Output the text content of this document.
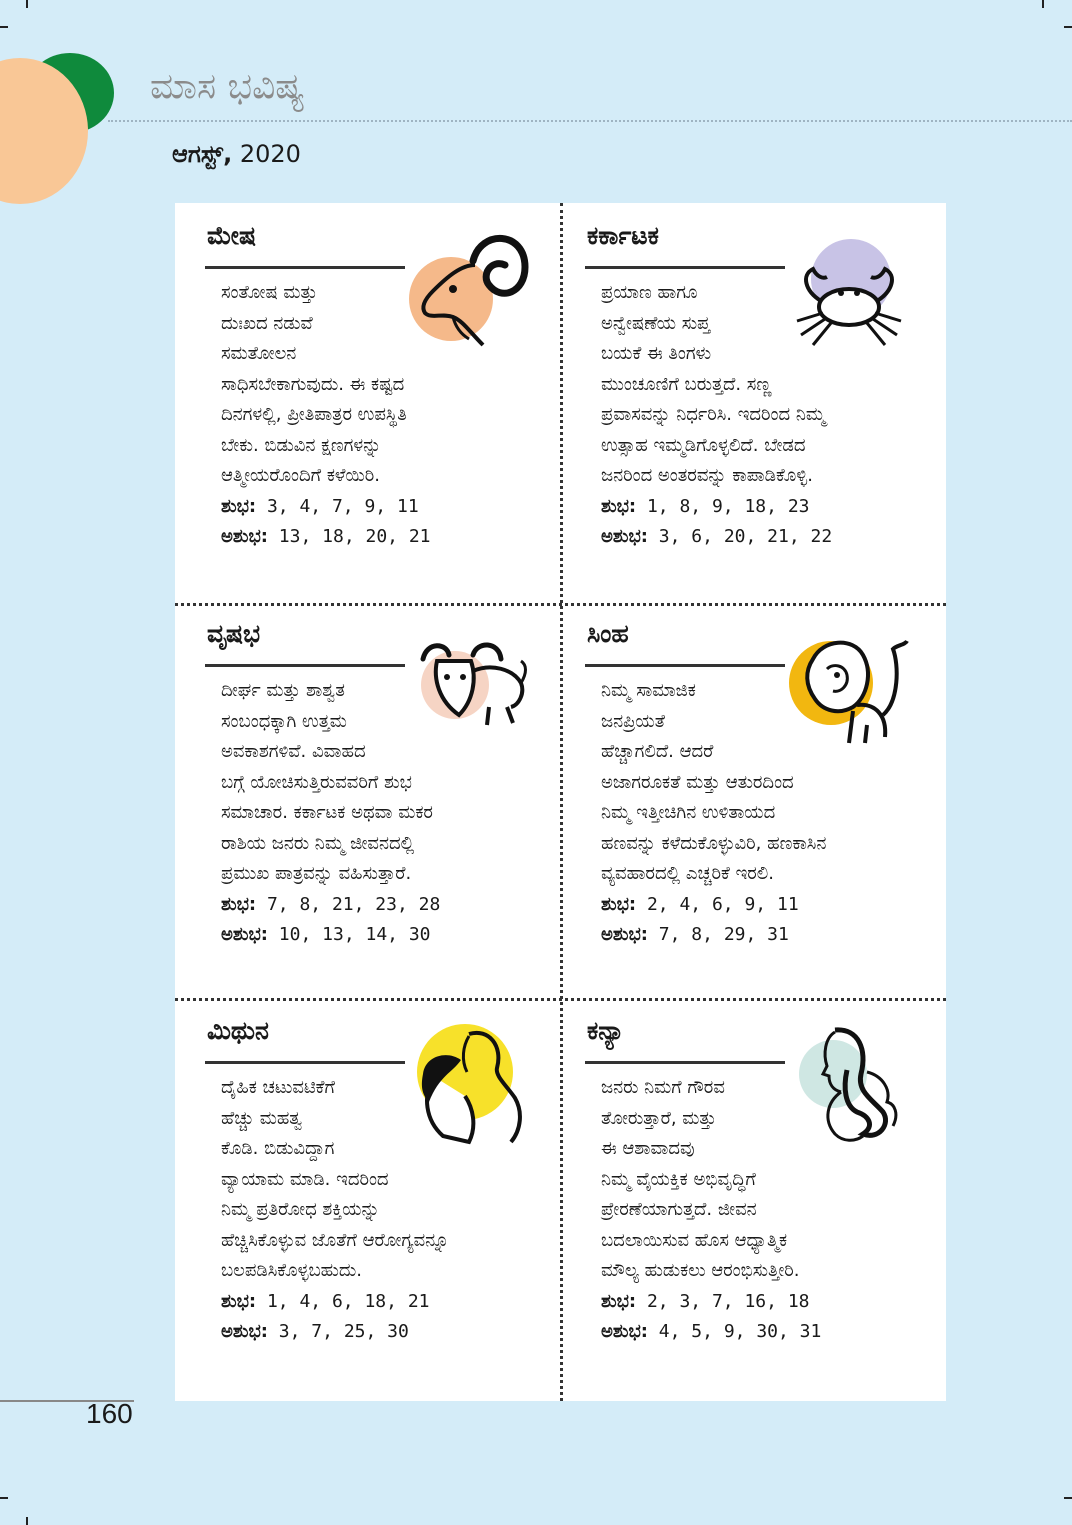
ಮಾಸ ಭವಿಷ್ಯ
ಆಗಸ್ಟ್, 2020
ಮೇಷ

ಸಂತೋಷ ಮತ್ತು

ದುಃಖದ ನಡುವೆ

ಸಮತೋಲನ

ಸಾಧಿಸಬೇಕಾಗುವುದು. ಈ ಕಷ್ಟದ

ದಿನಗಳಲ್ಲಿ, ಪ್ರೀತಿಪಾತ್ರರ ಉಪಸ್ಥಿತಿ

ಬೇಕು. ಬಿಡುವಿನ ಕ್ಷಣಗಳನ್ನು

ಆತ್ಮೀಯರೊಂದಿಗೆ ಕಳೆಯಿರಿ.

ಶುಭ: 3, 4, 7, 9, 11

ಅಶುಭ: 13, 18, 20, 21

ಕರ್ಕಾಟಕ

ಪ್ರಯಾಣ ಹಾಗೂ

ಅನ್ವೇಷಣೆಯ ಸುಪ್ತ

ಬಯಕೆ ಈ ತಿಂಗಳು

ಮುಂಚೂಣಿಗೆ ಬರುತ್ತದೆ. ಸಣ್ಣ

ಪ್ರವಾಸವನ್ನು ನಿರ್ಧರಿಸಿ. ಇದರಿಂದ ನಿಮ್ಮ

ಉತ್ಸಾಹ ಇಮ್ಮಡಿಗೊಳ್ಳಲಿದೆ. ಬೇಡದ

ಜನರಿಂದ ಅಂತರವನ್ನು ಕಾಪಾಡಿಕೊಳ್ಳಿ.

ಶುಭ: 1, 8, 9, 18, 23

ಅಶುಭ: 3, 6, 20, 21, 22

ವೃಷಭ

ದೀರ್ಘ ಮತ್ತು ಶಾಶ್ವತ

ಸಂಬಂಧಕ್ಕಾಗಿ ಉತ್ತಮ

ಅವಕಾಶಗಳಿವೆ. ವಿವಾಹದ

ಬಗ್ಗೆ ಯೋಚಿಸುತ್ತಿರುವವರಿಗೆ ಶುಭ

ಸಮಾಚಾರ. ಕರ್ಕಾಟಕ ಅಥವಾ ಮಕರ

ರಾಶಿಯ ಜನರು ನಿಮ್ಮ ಜೀವನದಲ್ಲಿ

ಪ್ರಮುಖ ಪಾತ್ರವನ್ನು ವಹಿಸುತ್ತಾರೆ.

ಶುಭ: 7, 8, 21, 23, 28

ಅಶುಭ: 10, 13, 14, 30

ಸಿಂಹ

ನಿಮ್ಮ ಸಾಮಾಜಿಕ

ಜನಪ್ರಿಯತೆ

ಹೆಚ್ಚಾಗಲಿದೆ. ಆದರೆ

ಅಜಾಗರೂಕತೆ ಮತ್ತು ಆತುರದಿಂದ

ನಿಮ್ಮ ಇತ್ತೀಚಿಗಿನ ಉಳಿತಾಯದ

ಹಣವನ್ನು ಕಳೆದುಕೊಳ್ಳುವಿರಿ, ಹಣಕಾಸಿನ

ವ್ಯವಹಾರದಲ್ಲಿ ಎಚ್ಚರಿಕೆ ಇರಲಿ.

ಶುಭ: 2, 4, 6, 9, 11

ಅಶುಭ: 7, 8, 29, 31

ಮಿಥುನ

ದೈಹಿಕ ಚಟುವಟಿಕೆಗೆ

ಹೆಚ್ಚು ಮಹತ್ವ

ಕೊಡಿ. ಬಿಡುವಿದ್ದಾಗ

ವ್ಯಾಯಾಮ ಮಾಡಿ. ಇದರಿಂದ

ನಿಮ್ಮ ಪ್ರತಿರೋಧ ಶಕ್ತಿಯನ್ನು

ಹೆಚ್ಚಿಸಿಕೊಳ್ಳುವ ಜೊತೆಗೆ ಆರೋಗ್ಯವನ್ನೂ

ಬಲಪಡಿಸಿಕೊಳ್ಳಬಹುದು.

ಶುಭ: 1, 4, 6, 18, 21

ಅಶುಭ: 3, 7, 25, 30

ಕನ್ಯಾ

ಜನರು ನಿಮಗೆ ಗೌರವ

ತೋರುತ್ತಾರೆ, ಮತ್ತು

ಈ ಆಶಾವಾದವು

ನಿಮ್ಮ ವೈಯಕ್ತಿಕ ಅಭಿವೃದ್ಧಿಗೆ

ಪ್ರೇರಣೆಯಾಗುತ್ತದೆ. ಜೀವನ

ಬದಲಾಯಿಸುವ ಹೊಸ ಆಧ್ಯಾತ್ಮಿಕ

ಮೌಲ್ಯ ಹುಡುಕಲು ಆರಂಭಿಸುತ್ತೀರಿ.

ಶುಭ: 2, 3, 7, 16, 18

ಅಶುಭ: 4, 5, 9, 30, 31

160
